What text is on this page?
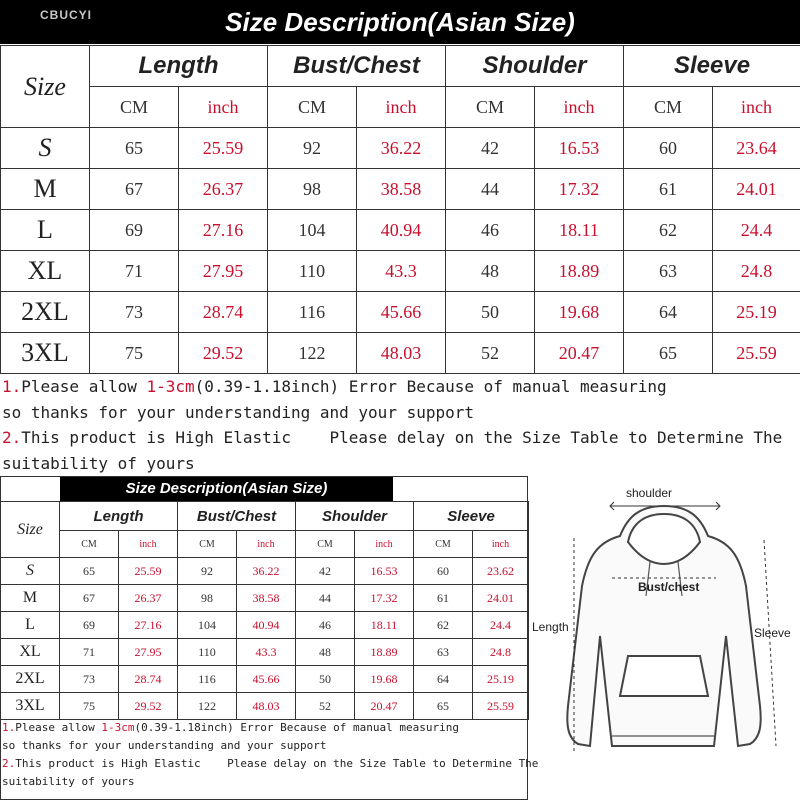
Size Description(Asian Size)
CBUCYI
Size	Length		Bust/Chest		Shoulder		Sleeve	
	CM	inch	CM	inch	CM	inch	CM	inch
S	65	25.59	92	36.22	42	16.53	60	23.64
M	67	26.37	98	38.58	44	17.32	61	24.01
L	69	27.16	104	40.94	46	18.11	62	24.4
XL	71	27.95	110	43.3	48	18.89	63	24.8
2XL	73	28.74	116	45.66	50	19.68	64	25.19
3XL	75	29.52	122	48.03	52	20.47	65	25.59
1.Please allow 1-3cm(0.39-1.18inch) Error Because of manual measuring
so thanks for your understanding and your support
2.This product is High Elastic    Please delay on the Size Table to Determine The
suitability of yours
Size Description(Asian Size)
Size	Length		Bust/Chest		Shoulder		Sleeve	
	CM	inch	CM	inch	CM	inch	CM	inch
S	65	25.59	92	36.22	42	16.53	60	23.62
M	67	26.37	98	38.58	44	17.32	61	24.01
L	69	27.16	104	40.94	46	18.11	62	24.4
XL	71	27.95	110	43.3	48	18.89	63	24.8
2XL	73	28.74	116	45.66	50	19.68	64	25.19
3XL	75	29.52	122	48.03	52	20.47	65	25.59
1.Please allow 1-3cm(0.39-1.18inch) Error Because of manual measuring
so thanks for your understanding and your support
2.This product is High Elastic    Please delay on the Size Table to Determine The
suitability of yours
shoulder
Bust/chest
Length	Sleeve
